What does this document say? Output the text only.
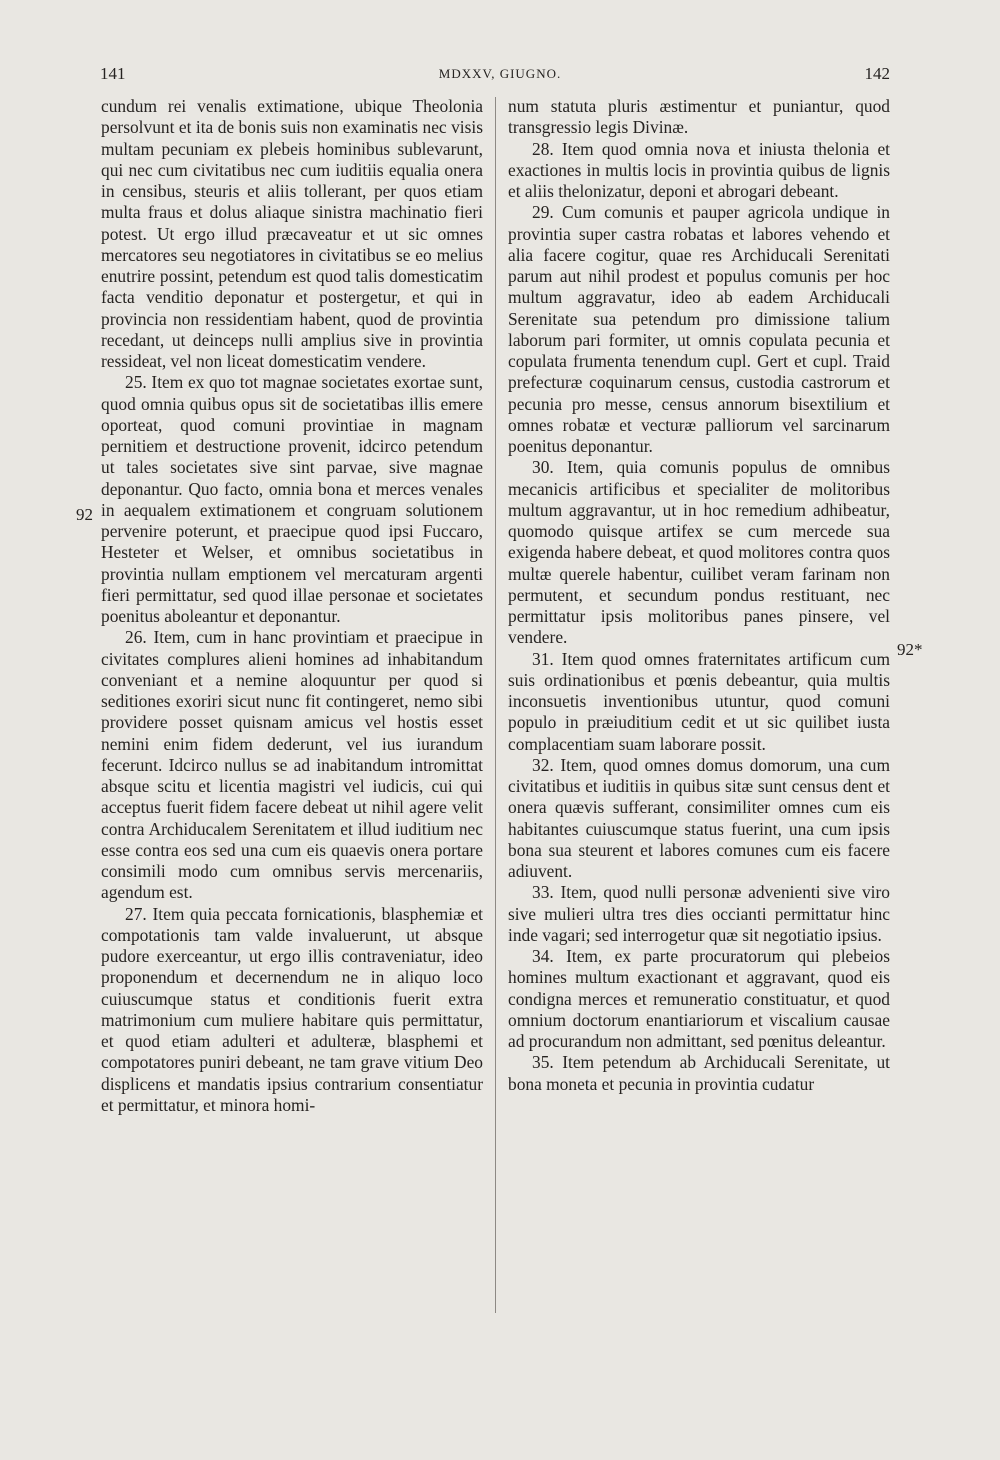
141	MDXXV, GIUGNO.	142
92
92*

cundum rei venalis extimatione, ubique Theolonia persolvunt et ita de bonis suis non examinatis nec visis multam pecuniam ex plebeis hominibus sublevarunt, qui nec cum civitatibus nec cum iuditiis equalia onera in censibus, steuris et aliis tollerant, per quos etiam multa fraus et dolus aliaque sinistra machinatio fieri potest. Ut ergo illud præcaveatur et ut sic omnes mercatores seu negotiatores in civitatibus se eo melius enutrire possint, petendum est quod talis domesticatim facta venditio deponatur et postergetur, et qui in provincia non ressidentiam habent, quod de provintia recedant, ut deinceps nulli amplius sive in provintia ressideat, vel non liceat domesticatim vendere.

25. Item ex quo tot magnae societates exortae sunt, quod omnia quibus opus sit de societatibas illis emere oporteat, quod comuni provintiae in magnam pernitiem et destructione provenit, idcirco petendum ut tales societates sive sint parvae, sive magnae deponantur. Quo facto, omnia bona et merces venales in aequalem extimationem et congruam solutionem pervenire poterunt, et praecipue quod ipsi Fuccaro, Hesteter et Welser, et omnibus societatibus in provintia nullam emptionem vel mercaturam argenti fieri permittatur, sed quod illae personae et societates poenitus aboleantur et deponantur.

26. Item, cum in hanc provintiam et praecipue in civitates complures alieni homines ad inhabitandum conveniant et a nemine aloquuntur per quod si seditiones exoriri sicut nunc fit contingeret, nemo sibi providere posset quisnam amicus vel hostis esset nemini enim fidem dederunt, vel ius iurandum fecerunt. Idcirco nullus se ad inabitandum intromittat absque scitu et licentia magistri vel iudicis, cui qui acceptus fuerit fidem facere debeat ut nihil agere velit contra Archiducalem Serenitatem et illud iuditium nec esse contra eos sed una cum eis quaevis onera portare consimili modo cum omnibus servis mercenariis, agendum est.

27. Item quia peccata fornicationis, blasphemiæ et compotationis tam valde invaluerunt, ut absque pudore exerceantur, ut ergo illis contraveniatur, ideo proponendum et decernendum ne in aliquo loco cuiuscumque status et conditionis fuerit extra matrimonium cum muliere habitare quis permittatur, et quod etiam adulteri et adulteræ, blasphemi et compotatores puniri debeant, ne tam grave vitium Deo displicens et mandatis ipsius contrarium consentiatur et permittatur, et minora homi-

num statuta pluris æstimentur et puniantur, quod transgressio legis Divinæ.

28. Item quod omnia nova et iniusta thelonia et exactiones in multis locis in provintia quibus de lignis et aliis thelonizatur, deponi et abrogari debeant.

29. Cum comunis et pauper agricola undique in provintia super castra robatas et labores vehendo et alia facere cogitur, quae res Archiducali Serenitati parum aut nihil prodest et populus comunis per hoc multum aggravatur, ideo ab eadem Archiducali Serenitate sua petendum pro dimissione talium laborum pari formiter, ut omnis copulata pecunia et copulata frumenta tenendum cupl. Gert et cupl. Traid prefecturæ coquinarum census, custodia castrorum et pecunia pro messe, census annorum bisextilium et omnes robatæ et vecturæ palliorum vel sarcinarum poenitus deponantur.

30. Item, quia comunis populus de omnibus mecanicis artificibus et specialiter de molitoribus multum aggravantur, ut in hoc remedium adhibeatur, quomodo quisque artifex se cum mercede sua exigenda habere debeat, et quod molitores contra quos multæ querele habentur, cuilibet veram farinam non permutent, et secundum pondus restituant, nec permittatur ipsis molitoribus panes pinsere, vel vendere.

31. Item quod omnes fraternitates artificum cum suis ordinationibus et pœnis debeantur, quia multis inconsuetis inventionibus utuntur, quod comuni populo in præiuditium cedit et ut sic quilibet iusta complacentiam suam laborare possit.

32. Item, quod omnes domus domorum, una cum civitatibus et iuditiis in quibus sitæ sunt census dent et onera quævis sufferant, consimiliter omnes cum eis habitantes cuiuscumque status fuerint, una cum ipsis bona sua steurent et labores comunes cum eis facere adiuvent.

33. Item, quod nulli personæ advenienti sive viro sive mulieri ultra tres dies occianti permittatur hinc inde vagari; sed interrogetur quæ sit negotiatio ipsius.

34. Item, ex parte procuratorum qui plebeios homines multum exactionant et aggravant, quod eis condigna merces et remuneratio constituatur, et quod omnium doctorum enantiariorum et viscalium causae ad procurandum non admittant, sed pœnitus deleantur.

35. Item petendum ab Archiducali Serenitate, ut bona moneta et pecunia in provintia cudatur
